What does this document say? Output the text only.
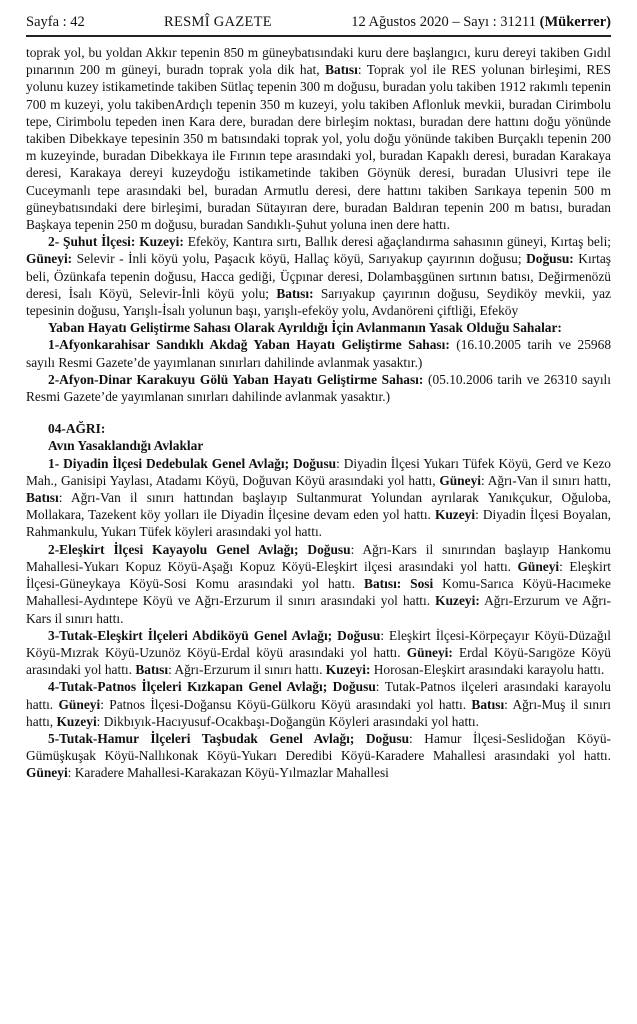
Sayfa : 42	RESMÎ GAZETE	12 Ağustos 2020 – Sayı : 31211 (Mükerrer)

toprak yol, bu yoldan Akkır tepenin 850 m güneybatısındaki kuru dere başlangıcı, kuru dereyi takiben Gıdıl pınarının 200 m güneyi, buradn toprak yola dik hat, Batısı: Toprak yol ile RES yolunan birleşimi, RES yolunu kuzey istikametinde takiben Sütlaç tepenin 300 m doğusu, buradan yolu takiben 1912 rakımlı tepenin 700 m kuzeyi, yolu takibenArdıçlı tepenin 350 m kuzeyi, yolu takiben Aflonluk mevkii, buradan Cirimbolu tepe, Cirimbolu tepeden inen Kara dere, buradan dere birleşim noktası, buradan dere hattını doğu yönünde takiben Dibekkaye tepesinin 350 m batısındaki toprak yol, yolu doğu yönünde takiben Burçaklı tepenin 200 m kuzeyinde, buradan Dibekkaya ile Fırının tepe arasındaki yol, buradan Kapaklı deresi, buradan Karakaya deresi, Karakaya dereyi kuzeydoğu istikametinde takiben Göynük deresi, buradan Ulusivri tepe ile Cuceymanlı tepe arasındaki bel, buradan Armutlu deresi, dere hattını takiben Sarıkaya tepenin 500 m güneybatısındaki dere birleşimi, buradan Sütayıran dere, buradan Baldıran tepenin 200 m batısı, buradan Başkaya tepenin 250 m doğusu, buradan Sandıklı-Şuhut yoluna inen dere hattı.

2- Şuhut İlçesi: Kuzeyi: Efeköy, Kantıra sırtı, Ballık deresi ağaçlandırma sahasının güneyi, Kırtaş beli; Güneyi: Selevir - İnli köyü yolu, Paşacık köyü, Hallaç köyü, Sarıyakup çayırının doğusu; Doğusu: Kırtaş beli, Özünkafa tepenin doğusu, Hacca gediği, Üçpınar deresi, Dolambaşgünen sırtının batısı, Değirmenözü deresi, İsalı Köyü, Selevir-İnli köyü yolu; Batısı: Sarıyakup çayırının doğusu, Seydiköy mevkii, yaz tepesinin doğusu, Yarışlı-İsalı yolunun başı, yarışlı-efeköy yolu, Avdanöreni çiftliği, Efeköy

Yaban Hayatı Geliştirme Sahası Olarak Ayrıldığı İçin Avlanmanın Yasak Olduğu Sahalar:

1-Afyonkarahisar Sandıklı Akdağ Yaban Hayatı Geliştirme Sahası: (16.10.2005 tarih ve 25968 sayılı Resmi Gazete’de yayımlanan sınırları dahilinde avlanmak yasaktır.)

2-Afyon-Dinar Karakuyu Gölü Yaban Hayatı Geliştirme Sahası: (05.10.2006 tarih ve 26310 sayılı Resmi Gazete’de yayımlanan sınırları dahilinde avlanmak yasaktır.)

04-AĞRI:

Avın Yasaklandığı Avlaklar

1- Diyadin İlçesi Dedebulak Genel Avlağı; Doğusu: Diyadin İlçesi Yukarı Tüfek Köyü, Gerd ve Kezo Mah., Ganisipi Yaylası, Atadamı Köyü, Doğuvan Köyü arasındaki yol hattı, Güneyi: Ağrı-Van il sınırı hattı, Batısı: Ağrı-Van il sınırı hattından başlayıp Sultanmurat Yolundan ayrılarak Yanıkçukur, Oğuloba, Mollakara, Tazekent köy yolları ile Diyadin İlçesine devam eden yol hattı. Kuzeyi: Diyadin İlçesi Boyalan, Rahmankulu, Yukarı Tüfek köyleri arasındaki yol hattı.

2-Eleşkirt İlçesi Kayayolu Genel Avlağı; Doğusu: Ağrı-Kars il sınırından başlayıp Hankomu Mahallesi-Yukarı Kopuz Köyü-Aşağı Kopuz Köyü-Eleşkirt ilçesi arasındaki yol hattı. Güneyi: Eleşkirt İlçesi-Güneykaya Köyü-Sosi Komu arasındaki yol hattı. Batısı: Sosi Komu-Sarıca Köyü-Hacımeke Mahallesi-Aydıntepe Köyü ve Ağrı-Erzurum il sınırı arasındaki yol hattı. Kuzeyi: Ağrı-Erzurum ve Ağrı-Kars il sınırı hattı.

3-Tutak-Eleşkirt İlçeleri Abdiköyü Genel Avlağı; Doğusu: Eleşkirt İlçesi-Körpeçayır Köyü-Düzağıl Köyü-Mızrak Köyü-Uzunöz Köyü-Erdal köyü arasındaki yol hattı. Güneyi: Erdal Köyü-Sarıgöze Köyü arasındaki yol hattı. Batısı: Ağrı-Erzurum il sınırı hattı. Kuzeyi: Horosan-Eleşkirt arasındaki karayolu hattı.

4-Tutak-Patnos İlçeleri Kızkapan Genel Avlağı; Doğusu: Tutak-Patnos ilçeleri arasındaki karayolu hattı. Güneyi: Patnos İlçesi-Doğansu Köyü-Gülkoru Köyü arasındaki yol hattı. Batısı: Ağrı-Muş il sınırı hattı, Kuzeyi: Dikbıyık-Hacıyusuf-Ocakbaşı-Doğangün Köyleri arasındaki yol hattı.

5-Tutak-Hamur İlçeleri Taşbudak Genel Avlağı; Doğusu: Hamur İlçesi-Seslidoğan Köyü-Gümüşkuşak Köyü-Nallıkonak Köyü-Yukarı Deredibi Köyü-Karadere Mahallesi arasındaki yol hattı. Güneyi: Karadere Mahallesi-Karakazan Köyü-Yılmazlar Mahallesi
